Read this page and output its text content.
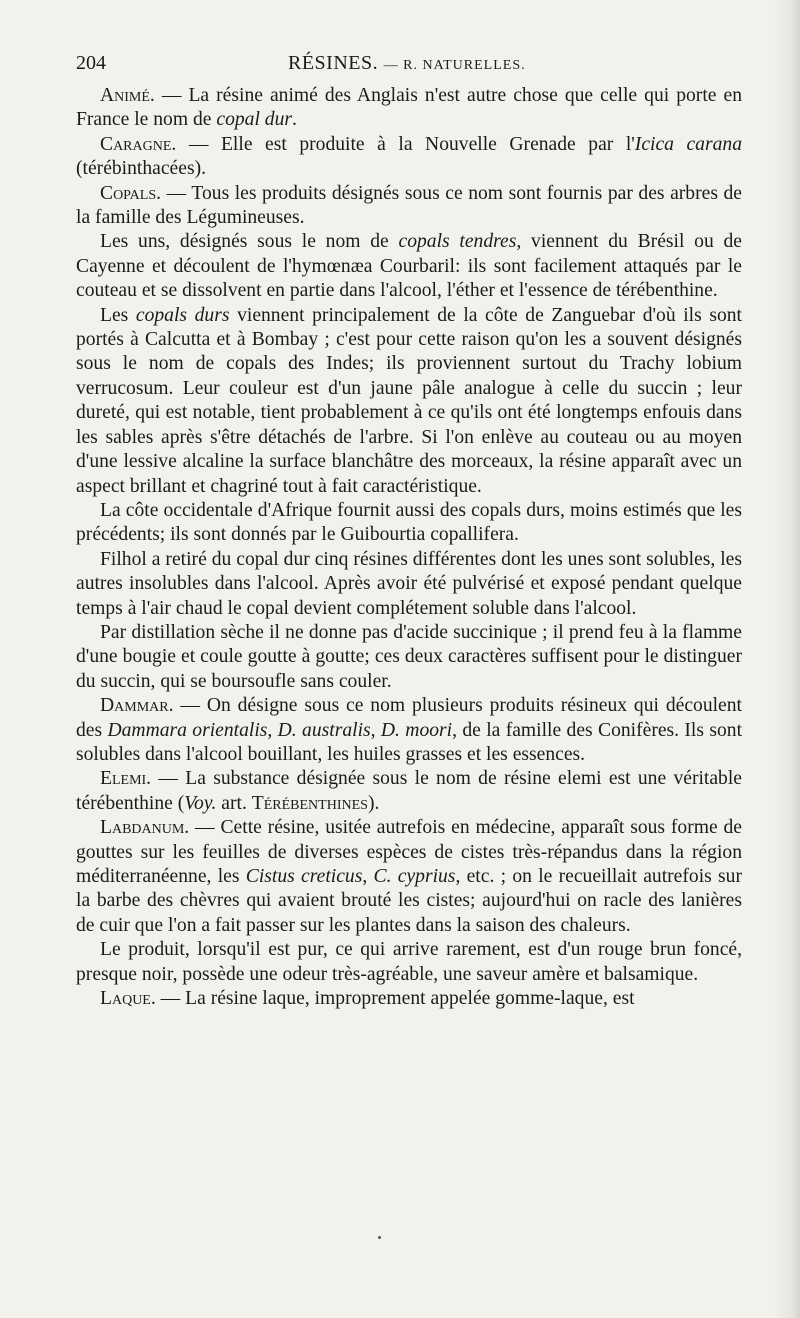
204	RÉSINES. — R. NATURELLES.

Animé. — La résine animé des Anglais n'est autre chose que celle qui porte en France le nom de copal dur.

Caragne. — Elle est produite à la Nouvelle Grenade par l'Icica carana (térébinthacées).

Copals. — Tous les produits désignés sous ce nom sont fournis par des arbres de la famille des Légumineuses.

Les uns, désignés sous le nom de copals tendres, viennent du Brésil ou de Cayenne et découlent de l'hymœnæa Courbaril: ils sont facilement attaqués par le couteau et se dissolvent en partie dans l'alcool, l'éther et l'essence de térébenthine.

Les copals durs viennent principalement de la côte de Zanguebar d'où ils sont portés à Calcutta et à Bombay ; c'est pour cette raison qu'on les a souvent désignés sous le nom de copals des Indes; ils proviennent surtout du Trachy lobium verrucosum. Leur couleur est d'un jaune pâle analogue à celle du succin ; leur dureté, qui est notable, tient probablement à ce qu'ils ont été longtemps enfouis dans les sables après s'être détachés de l'arbre. Si l'on enlève au couteau ou au moyen d'une lessive alcaline la surface blanchâtre des morceaux, la résine apparaît avec un aspect brillant et chagriné tout à fait caractéristique.

La côte occidentale d'Afrique fournit aussi des copals durs, moins estimés que les précédents; ils sont donnés par le Guibourtia copallifera.

Filhol a retiré du copal dur cinq résines différentes dont les unes sont solubles, les autres insolubles dans l'alcool. Après avoir été pulvérisé et exposé pendant quelque temps à l'air chaud le copal devient complétement soluble dans l'alcool.

Par distillation sèche il ne donne pas d'acide succinique ; il prend feu à la flamme d'une bougie et coule goutte à goutte; ces deux caractères suffisent pour le distinguer du succin, qui se boursoufle sans couler.

Dammar. — On désigne sous ce nom plusieurs produits résineux qui découlent des Dammara orientalis, D. australis, D. moori, de la famille des Conifères. Ils sont solubles dans l'alcool bouillant, les huiles grasses et les essences.

Elemi. — La substance désignée sous le nom de résine elemi est une véritable térébenthine (Voy. art. Térébenthines).

Labdanum. — Cette résine, usitée autrefois en médecine, apparaît sous forme de gouttes sur les feuilles de diverses espèces de cistes très-répandus dans la région méditerranéenne, les Cistus creticus, C. cyprius, etc. ; on le recueillait autrefois sur la barbe des chèvres qui avaient brouté les cistes; aujourd'hui on racle des lanières de cuir que l'on a fait passer sur les plantes dans la saison des chaleurs.

Le produit, lorsqu'il est pur, ce qui arrive rarement, est d'un rouge brun foncé, presque noir, possède une odeur très-agréable, une saveur amère et balsamique.

Laque. — La résine laque, improprement appelée gomme-laque, est
